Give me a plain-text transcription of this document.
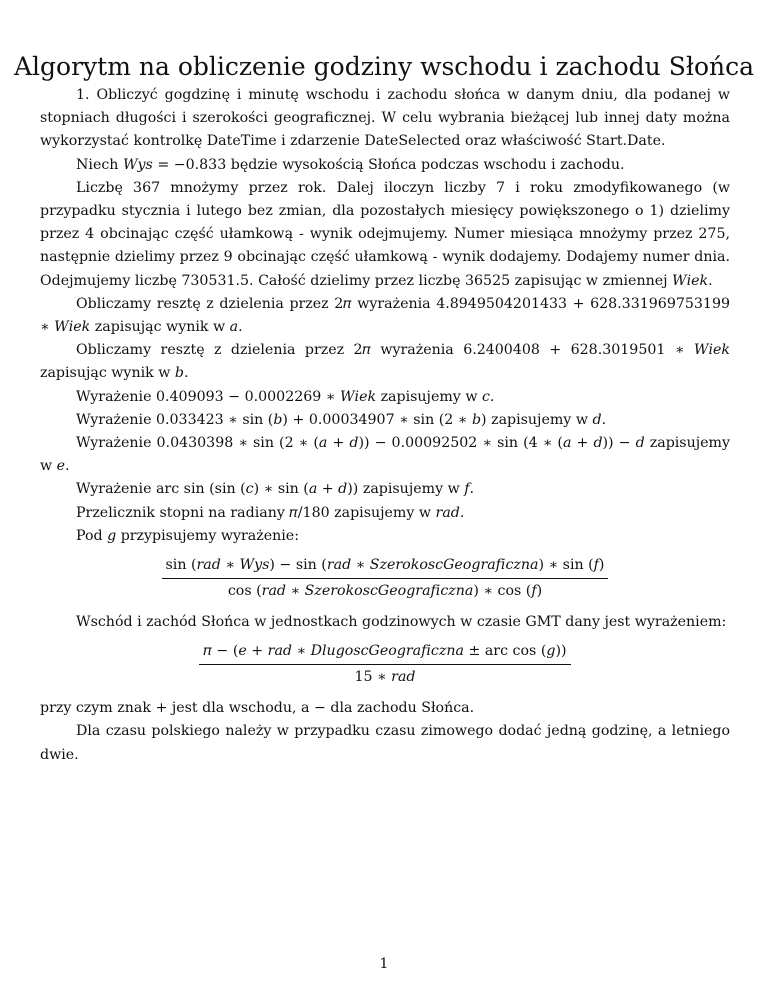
Algorytm na obliczenie godziny wschodu i zachodu Słońca

1. Obliczyć gogdzinę i minutę wschodu i zachodu słońca w danym dniu, dla podanej w stopniach długości i szerokości geograficznej. W celu wybrania bieżącej lub innej daty można wykorzystać kontrolkę DateTime i zdarzenie DateSelected oraz właściwość Start.Date.

Niech 𝑊𝑦𝑠 = −0.833 będzie wysokością Słońca podczas wschodu i zachodu.

Liczbę 367 mnożymy przez rok. Dalej iloczyn liczby 7 i roku zmodyfikowanego (w przypadku stycznia i lutego bez zmian, dla pozostałych miesięcy powiększonego o 1) dzielimy przez 4 obcinając część ułamkową - wynik odejmujemy. Numer miesiąca mnożymy przez 275, następnie dzielimy przez 9 obcinając część ułamkową - wynik dodajemy. Dodajemy numer dnia. Odejmujemy liczbę 730531.5. Całość dzielimy przez liczbę 36525 zapisując w zmiennej 𝑊𝑖𝑒𝑘.

Obliczamy resztę z dzielenia przez 2𝜋 wyrażenia 4.8949504201433 + 628.331969753199 ∗ 𝑊𝑖𝑒𝑘 zapisując wynik w 𝑎.

Obliczamy resztę z dzielenia przez 2𝜋 wyrażenia 6.2400408 + 628.3019501 ∗ 𝑊𝑖𝑒𝑘 zapisując wynik w 𝑏.

Wyrażenie 0.409093 − 0.0002269 ∗ 𝑊𝑖𝑒𝑘 zapisujemy w 𝑐.

Wyrażenie 0.033423 ∗ sin (𝑏) + 0.00034907 ∗ sin (2 ∗ 𝑏) zapisujemy w 𝑑.

Wyrażenie 0.0430398 ∗ sin (2 ∗ (𝑎 + 𝑑)) − 0.00092502 ∗ sin (4 ∗ (𝑎 + 𝑑)) − 𝑑 zapisujemy w 𝑒.

Wyrażenie arc sin (sin (𝑐) ∗ sin (𝑎 + 𝑑)) zapisujemy w 𝑓.

Przelicznik stopni na radiany 𝜋/180 zapisujemy w 𝑟𝑎𝑑.

Pod 𝑔 przypisujemy wyrażenie:

sin (𝑟𝑎𝑑 ∗ 𝑊𝑦𝑠) − sin (𝑟𝑎𝑑 ∗ 𝑆𝑧𝑒𝑟𝑜𝑘𝑜𝑠𝑐𝐺𝑒𝑜𝑔𝑟𝑎𝑓𝑖𝑐𝑧𝑛𝑎) ∗ sin (𝑓)
cos (𝑟𝑎𝑑 ∗ 𝑆𝑧𝑒𝑟𝑜𝑘𝑜𝑠𝑐𝐺𝑒𝑜𝑔𝑟𝑎𝑓𝑖𝑐𝑧𝑛𝑎) ∗ cos (𝑓)

Wschód i zachód Słońca w jednostkach godzinowych w czasie GMT dany jest wyrażeniem:

𝜋 − (𝑒 + 𝑟𝑎𝑑 ∗ 𝐷𝑙𝑢𝑔𝑜𝑠𝑐𝐺𝑒𝑜𝑔𝑟𝑎𝑓𝑖𝑐𝑧𝑛𝑎 ± arc cos (𝑔))
15 ∗ 𝑟𝑎𝑑

przy czym znak + jest dla wschodu, a − dla zachodu Słońca.

Dla czasu polskiego należy w przypadku czasu zimowego dodać jedną godzinę, a letniego dwie.

1
